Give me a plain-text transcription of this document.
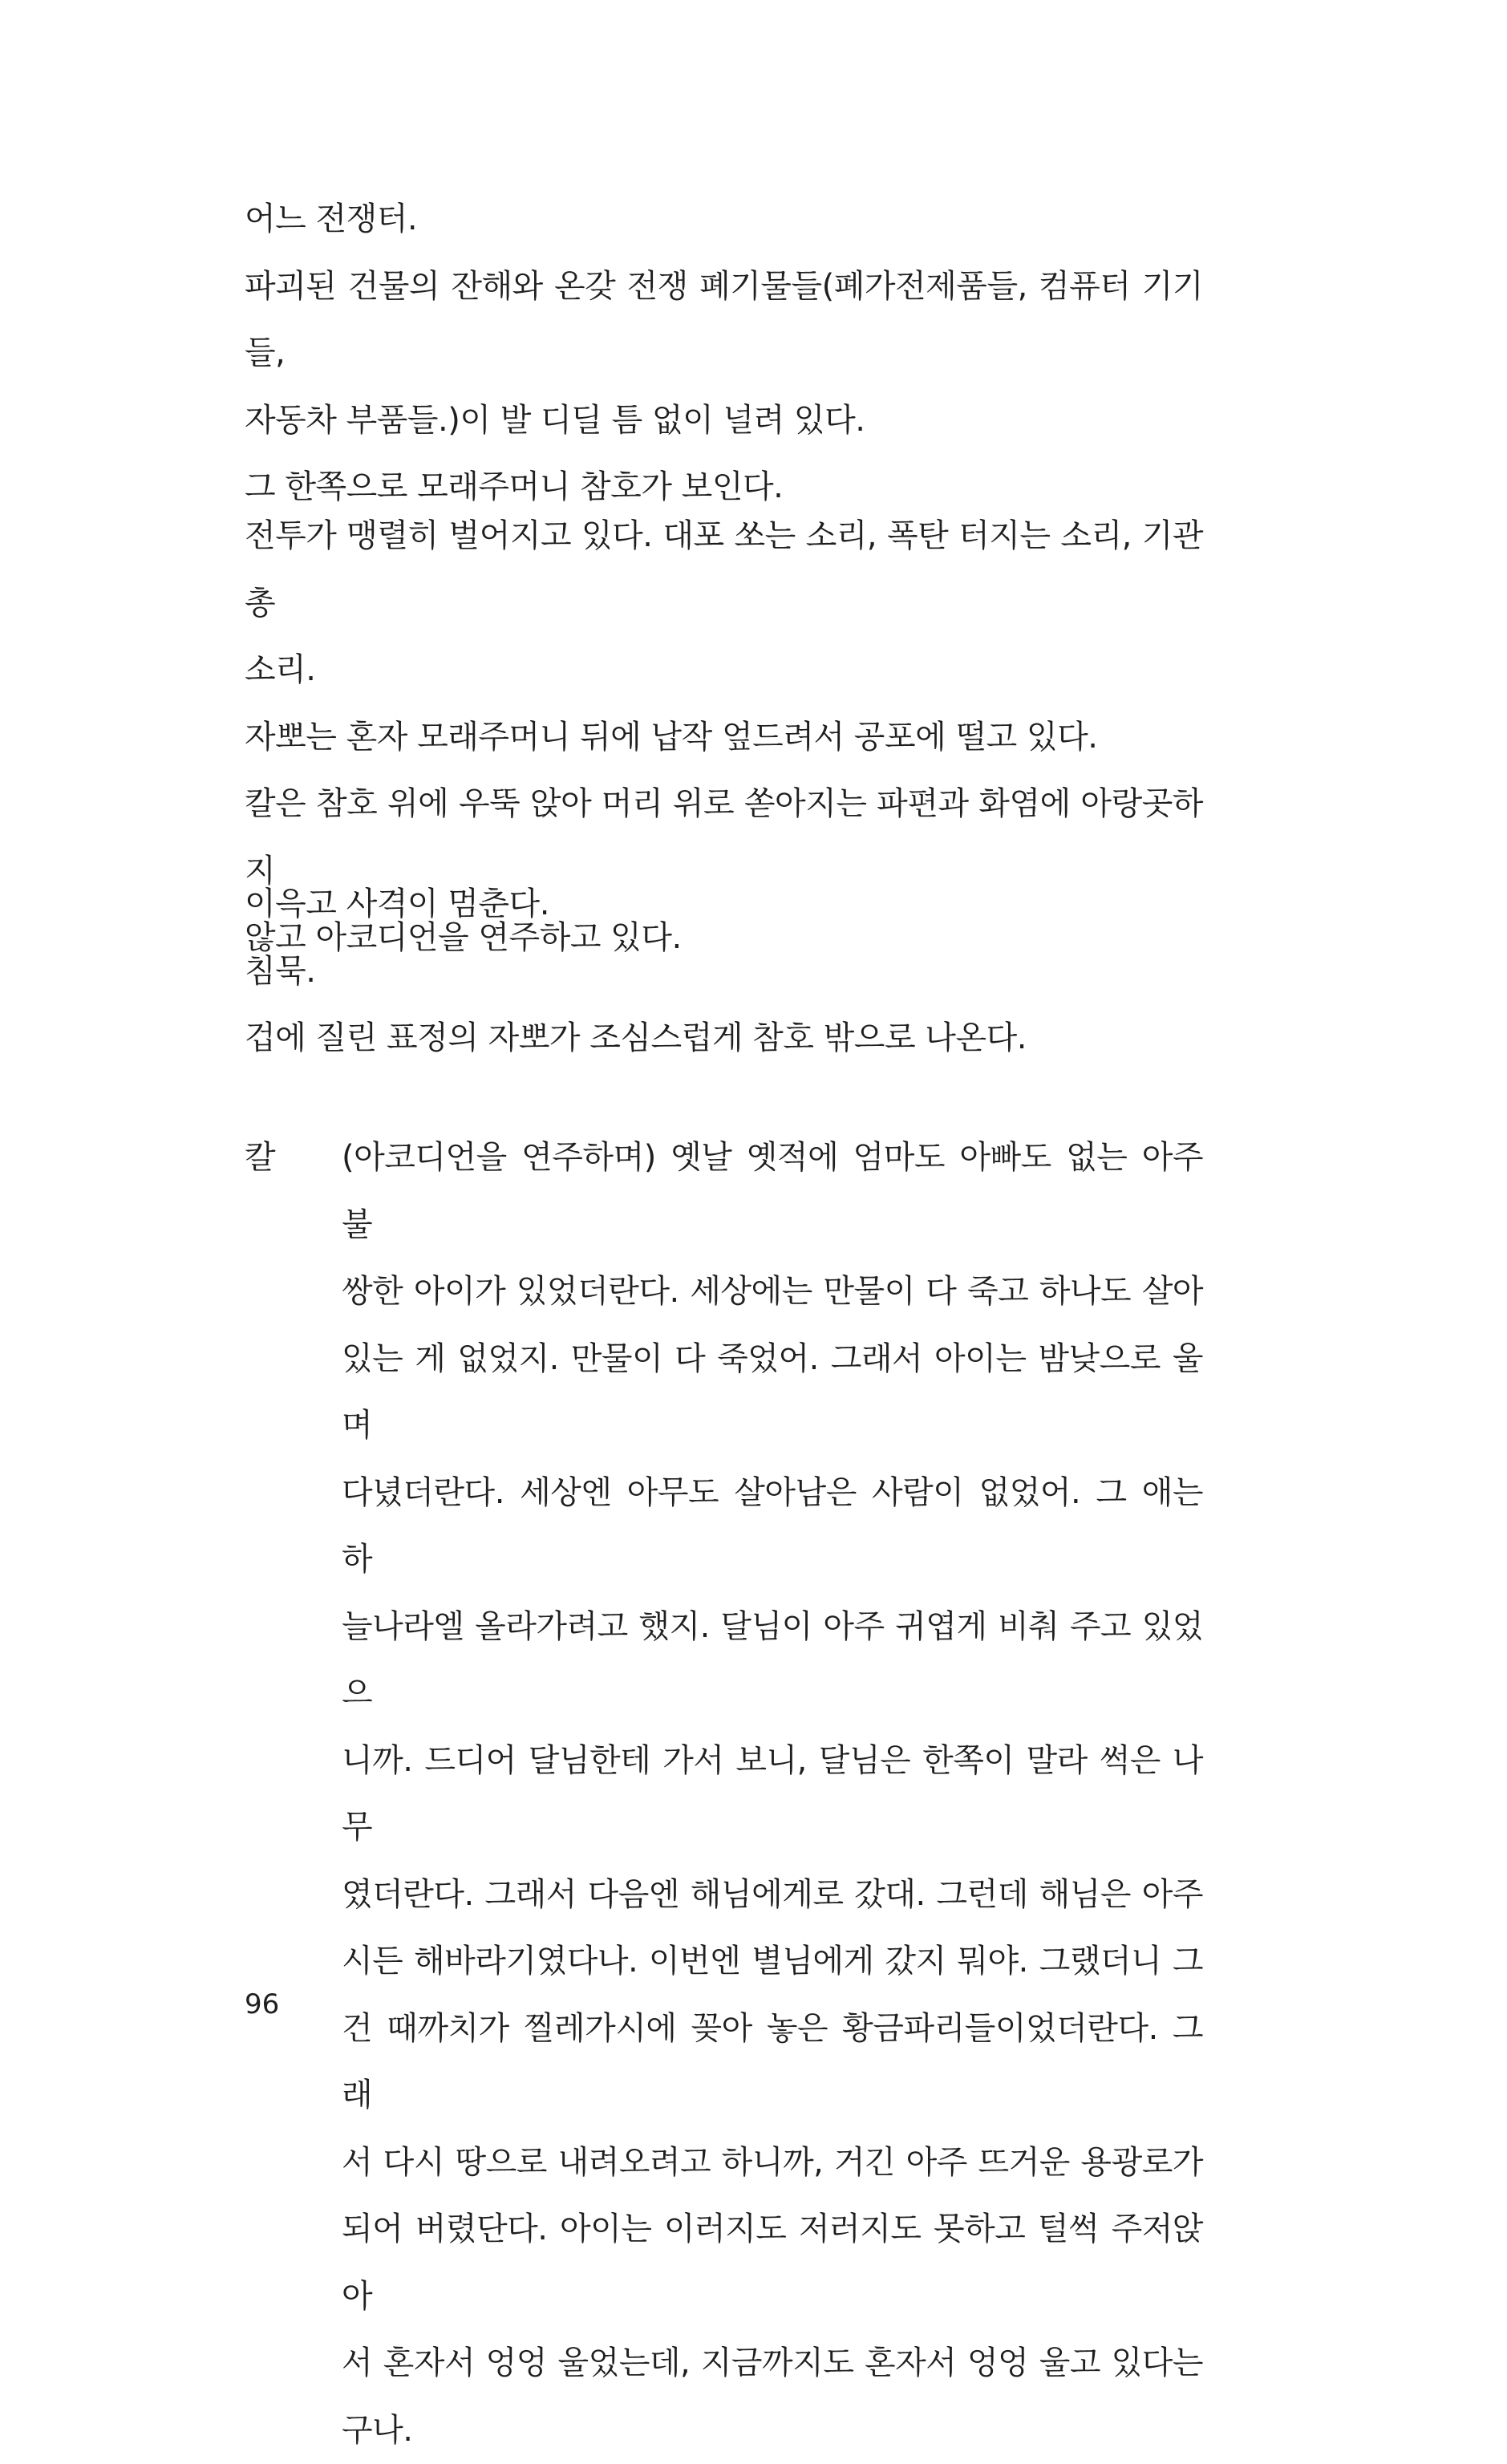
어느 전쟁터.

파괴된 건물의 잔해와 온갖 전쟁 폐기물들(폐가전제품들, 컴퓨터 기기들,

자동차 부품들.)이 발 디딜 틈 없이 널려 있다.

그 한쪽으로 모래주머니 참호가 보인다.

전투가 맹렬히 벌어지고 있다. 대포 쏘는 소리, 폭탄 터지는 소리, 기관총

소리.

자뽀는 혼자 모래주머니 뒤에 납작 엎드려서 공포에 떨고 있다.

칼은 참호 위에 우뚝 앉아 머리 위로 쏟아지는 파편과 화염에 아랑곳하지

않고 아코디언을 연주하고 있다.

이윽고 사격이 멈춘다.

침묵.

겁에 질린 표정의 자뽀가 조심스럽게 참호 밖으로 나온다.

칼 (아코디언을 연주하며) 옛날 옛적에 엄마도 아빠도 없는 아주 불

쌍한 아이가 있었더란다. 세상에는 만물이 다 죽고 하나도 살아

있는 게 없었지. 만물이 다 죽었어. 그래서 아이는 밤낮으로 울며

다녔더란다. 세상엔 아무도 살아남은 사람이 없었어. 그 애는 하

늘나라엘 올라가려고 했지. 달님이 아주 귀엽게 비춰 주고 있었으

니까. 드디어 달님한테 가서 보니, 달님은 한쪽이 말라 썩은 나무

였더란다. 그래서 다음엔 해님에게로 갔대. 그런데 해님은 아주

시든 해바라기였다나. 이번엔 별님에게 갔지 뭐야. 그랬더니 그

건 때까치가 찔레가시에 꽂아 놓은 황금파리들이었더란다. 그래

서 다시 땅으로 내려오려고 하니까, 거긴 아주 뜨거운 용광로가

되어 버렸단다. 아이는 이러지도 저러지도 못하고 털썩 주저앉아

서 혼자서 엉엉 울었는데, 지금까지도 혼자서 엉엉 울고 있다는

구나.

96
